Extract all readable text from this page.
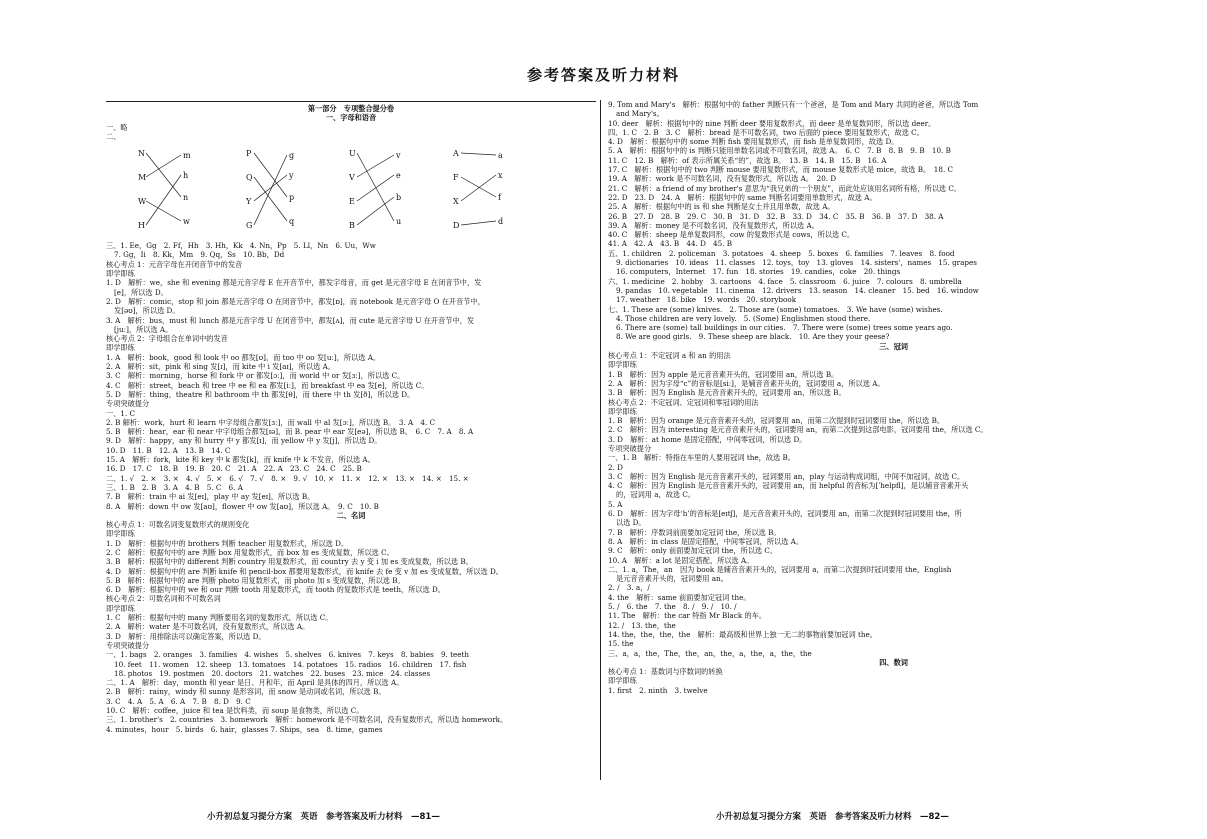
参考答案及听力材料

第一部分　专项整合提分卷

一、字母和语音

一、略

二、

N
M
W
H
m
h
n
w
P
Q
Y
G
g
y
p
q
U
V
E
B
v
e
b
u
A
F
X
D
a
x
f
d

三、1. Ee，Gg　2. Ff，Hh　3. Hh，Kk　4. Nn，Pp　5. Ll，Nn　6. Uu，Ww

7. Gg，Ii　8. Kk，Mm　9. Qq，Ss　10. Bb，Dd

核心考点 1：元音字母在开闭音节中的发音

即学即练

1. D　解析：we，she 和 evening 都是元音字母 E 在开音节中，都发字母音，而 get 是元音字母 E 在闭音节中，发

[e]，所以选 D。

2. D　解析：comic，stop 和 join 都是元音字母 O 在闭音节中，都发[ɒ]，而 notebook 是元音字母 O 在开音节中，

发[əʊ]，所以选 D。

3. A　解析：bus，must 和 lunch 都是元音字母 U 在闭音节中，都发[ʌ]，而 cute 是元音字母 U 在开音节中，发

[juː]，所以选 A。

核心考点 2：字母组合在单词中的发音

即学即练

1. A　解析：book，good 和 look 中 oo 都发[ʊ]，而 too 中 oo 发[uː]，所以选 A。

2. A　解析：sit，pink 和 sing 发[ɪ]，而 kite 中 i 发[aɪ]，所以选 A。

3. C　解析：morning，horse 和 fork 中 or 都发[ɔː]，而 world 中 or 发[ɜː]，所以选 C。

4. C　解析：street，beach 和 tree 中 ee 和 ea 都发[iː]，而 breakfast 中 ea 发[e]，所以选 C。

5. D　解析：thing，theatre 和 bathroom 中 th 都发[θ]，而 there 中 th 发[ð]，所以选 D。

专项突破提分

一、1. C

2. B 解析：work，hurt 和 learn 中字母组合都发[ɜː]，而 wall 中 al 发[ɔː]，所以选 B。　3. A　4. C

5. B　解析：hear，ear 和 near 中字母组合都发[ɪə]，而 B. pear 中 ear 发[eə]，所以选 B。　6. C　7. A　8. A

9. D　解析：happy，any 和 hurry 中 y 都发[ɪ]，而 yellow 中 y 发[j]，所以选 D。

10. D　11. B　12. A　13. B　14. C

15. A　解析：fork，kite 和 key 中 k 都发[k]，而 knife 中 k 不发音，所以选 A。

16. D　17. C　18. B　19. B　20. C　21. A　22. A　23. C　24. C　25. B

二、1. √　2. ×　3. ×　4. √　5. ×　6. √　7. √　8. ×　9. √　10. ×　11. ×　12. ×　13. ×　14. ×　15. ×

三、1. B　2. B　3. A　4. B　5. C　6. A

7. B　解析：train 中 ai 发[eɪ]，play 中 ay 发[eɪ]，所以选 B。

8. A　解析：down 中 ow 发[aʊ]，flower 中 ow 发[aʊ]，所以选 A。　9. C　10. B

二、名词

核心考点 1：可数名词变复数形式的规则变化

即学即练

1. D　解析：根据句中的 brothers 判断 teacher 用复数形式，所以选 D。

2. C　解析：根据句中的 are 判断 box 用复数形式，而 box 加 es 变成复数，所以选 C。

3. B　解析：根据句中的 different 判断 country 用复数形式，而 country 去 y 变 i 加 es 变成复数，所以选 B。

4. D　解析：根据句中的 are 判断 knife 和 pencil-box 都要用复数形式，而 knife 去 fe 变 v 加 es 变成复数，所以选 D。

5. B　解析：根据句中的 are 判断 photo 用复数形式，而 photo 加 s 变成复数，所以选 B。

6. D　解析：根据句中的 we 和 our 判断 tooth 用复数形式，而 tooth 的复数形式是 teeth，所以选 D。

核心考点 2：可数名词和不可数名词

即学即练

1. C　解析：根据句中的 many 判断要用名词的复数形式，所以选 C。

2. A　解析：water 是不可数名词，没有复数形式，所以选 A。

3. D　解析：用排除法可以确定答案，所以选 D。

专项突破提分

一、1. bags　2. oranges　3. families　4. wishes　5. shelves　6. knives　7. keys　8. babies　9. teeth

10. feet　11. women　12. sheep　13. tomatoes　14. potatoes　15. radios　16. children　17. fish

18. photos　19. postmen　20. doctors　21. watches　22. buses　23. mice　24. classes

二、1. A　解析：day，month 和 year 是日、月和年，而 April 是具体的四月，所以选 A。

2. B　解析：rainy，windy 和 sunny 是形容词，而 snow 是动词或名词，所以选 B。

3. C　4. A　5. A　6. A　7. B　8. D　9. C

10. C　解析：coffee，juice 和 tea 是饮料类，而 soup 是食物类，所以选 C。

三、1. brother's　2. countries　3. homework　解析：homework 是不可数名词，没有复数形式，所以选 homework。

4. minutes，hour　5. birds　6. hair，glasses 7. Ships，sea　8. time，games

9. Tom and Mary's　解析：根据句中的 father 判断只有一个爸爸，是 Tom and Mary 共同的爸爸，所以选 Tom

and Mary's。

10. deer　解析：根据句中的 nine 判断 deer 要用复数形式，而 deer 是单复数同形，所以选 deer。

四、1. C　2. B　3. C　解析：bread 是不可数名词，two 后面的 piece 要用复数形式，故选 C。

4. D　解析：根据句中的 some 判断 fish 要用复数形式，而 fish 是单复数同形，故选 D。

5. A　解析：根据句中的 is 判断只能用单数名词或不可数名词，故选 A。　6. C　7. B　8. B　9. B　10. B

11. C　12. B　解析：of 表示所属关系“的”，故选 B。　13. B　14. B　15. B　16. A

17. C　解析：根据句中的 two 判断 mouse 要用复数形式，而 mouse 复数形式是 mice，故选 B。　18. C

19. A　解析：work 是不可数名词，没有复数形式，所以选 A。　20. D

21. C　解析：a friend of my brother's 意思为“我兄弟的一个朋友”，而此处应该用名词所有格，所以选 C。

22. D　23. D　24. A　解析：根据句中的 same 判断名词要用单数形式，故选 A。

25. A　解析：根据句中的 is 和 she 判断是女士并且用单数，故选 A。

26. B　27. D　28. B　29. C　30. B　31. D　32. B　33. D　34. C　35. B　36. B　37. D　38. A

39. A　解析：money 是不可数名词，没有复数形式，所以选 A。

40. C　解析：sheep 是单复数同形，cow 的复数形式是 cows，所以选 C。

41. A　42. A　43. B　44. D　45. B

五、1. children　2. policeman　3. potatoes　4. sheep　5. boxes　6. families　7. leaves　8. food

9. dictionaries　10. ideas　11. classes　12. toys，toy　13. gloves　14. sisters'，names　15. grapes

16. computers，Internet　17. fun　18. stories　19. candies，coke　20. things

六、1. medicine　2. hobby　3. cartoons　4. face　5. classroom　6. juice　7. colours　8. umbrella

9. pandas　10. vegetable　11. cinema　12. drivers　13. season　14. cleaner　15. bed　16. window

17. weather　18. bike　19. words　20. storybook

七、1. These are (some) knives.　2. Those are (some) tomatoes.　3. We have (some) wishes.

4. Those children are very lovely.　5. (Some) Englishmen stood there.

6. There are (some) tall buildings in our cities.　7. There were (some) trees some years ago.

8. We are good girls.　9. These sheep are black.　10. Are they your geese?

三、冠词

核心考点 1：不定冠词 a 和 an 的用法

即学即练

1. B　解析：因为 apple 是元音音素开头的，冠词要用 an，所以选 B。

2. A　解析：因为字母“c”的音标是[siː]，是辅音音素开头的，冠词要用 a，所以选 A。

3. B　解析：因为 English 是元音音素开头的，冠词要用 an，所以选 B。

核心考点 2：不定冠词、定冠词和零冠词的用法

即学即练

1. B　解析：因为 orange 是元音音素开头的，冠词要用 an，而第二次提到时冠词要用 the，所以选 B。

2. C　解析：因为 interesting 是元音音素开头的，冠词要用 an，而第二次提到这部电影，冠词要用 the，所以选 C。

3. D　解析：at home 是固定搭配，中间零冠词，所以选 D。

专项突破提分

一、1. B　解析：特指在车里的人要用冠词 the，故选 B。

2. D

3. C　解析：因为 English 是元音音素开头的，冠词要用 an，play 与运动构成词组，中间不加冠词，故选 C。

4. C　解析：因为 English 是元音音素开头的，冠词要用 an，而 helpful 的音标为[ˈhelpfl]，是以辅音音素开头

的，冠词用 a，故选 C。

5. A

6. D　解析：因为字母‘h’的音标是[eɪtʃ]，是元音音素开头的，冠词要用 an，而第二次提到时冠词要用 the，所

以选 D。

7. B　解析：序数词前面要加定冠词 the，所以选 B。

8. A　解析：in class 是固定搭配，中间零冠词，所以选 A。

9. C　解析：only 前面要加定冠词 the，所以选 C。

10. A　解析：a lot 是固定搭配，所以选 A。

二、1. a，The，an　因为 book 是辅音音素开头的，冠词要用 a，而第二次提到时冠词要用 the，English

是元音音素开头的，冠词要用 an。

2. /　3. a，/

4. the　解析：same 前面要加定冠词 the。

5. /　6. the　7. the　8. /　9. /　10. /

11. The　解析：the car 特指 Mr Black 的车。

12. /　13. the，the

14. the，the，the，the　解析：最高级和世界上独一无二的事物前要加冠词 the。

15. the

三、a，a，the，The，the，an，the，a，the，a，the，the

四、数词

核心考点 1：基数词与序数词的转换

即学即练

1. first　2. ninth　3. twelve

小升初总复习提分方案　英语　参考答案及听力材料　—81—	小升初总复习提分方案　英语　参考答案及听力材料　—82—
